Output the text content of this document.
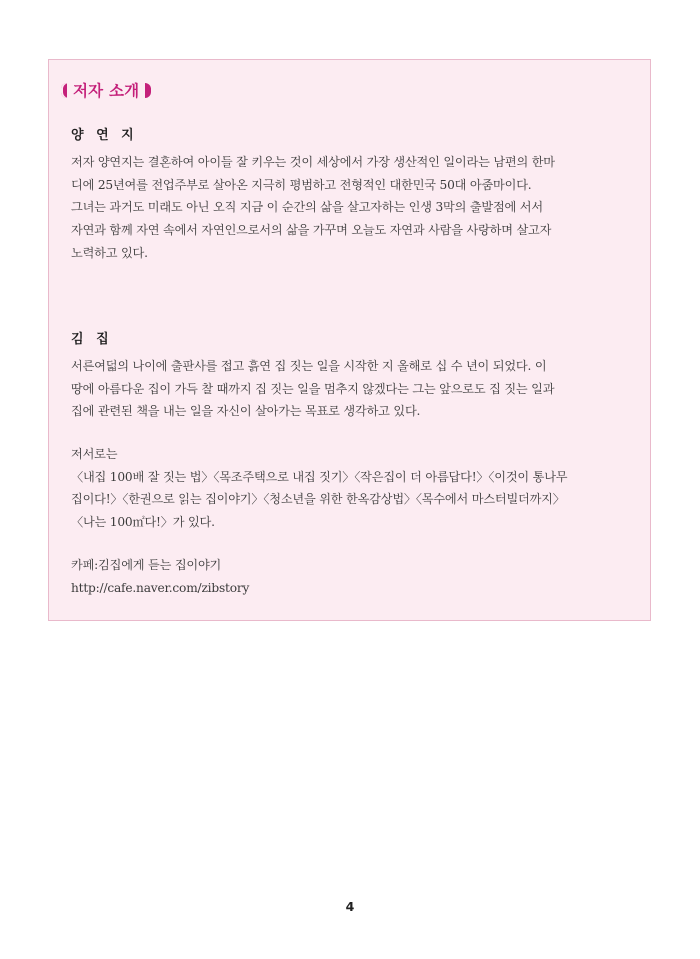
저자 소개
양 연 지
저자 양연지는 결혼하여 아이들 잘 키우는 것이 세상에서 가장 생산적인 일이라는 남편의 한마
디에 25년여를 전업주부로 살아온 지극히 평범하고 전형적인 대한민국 50대 아줌마이다.
그녀는 과거도 미래도 아닌 오직 지금 이 순간의 삶을 살고자하는 인생 3막의 출발점에 서서
자연과 함께 자연 속에서 자연인으로서의 삶을 가꾸며 오늘도 자연과 사람을 사랑하며 살고자
노력하고 있다.
김 집
서른여덟의 나이에 출판사를 접고 흙연 집 짓는 일을 시작한 지 올해로 십 수 년이 되었다. 이
땅에 아름다운 집이 가득 찰 때까지 집 짓는 일을 멈추지 않겠다는 그는 앞으로도 집 짓는 일과
집에 관련된 책을 내는 일을 자신이 살아가는 목표로 생각하고 있다.
저서로는
〈내집 100배 잘 짓는 법〉〈목조주택으로 내집 짓기〉〈작은집이 더 아름답다!〉〈이것이 통나무
집이다!〉〈한권으로 읽는 집이야기〉〈청소년을 위한 한옥감상법〉〈목수에서 마스터빌더까지〉
〈나는 100㎡다!〉가 있다.
카페:김집에게 듣는 집이야기
http://cafe.naver.com/zibstory
4
